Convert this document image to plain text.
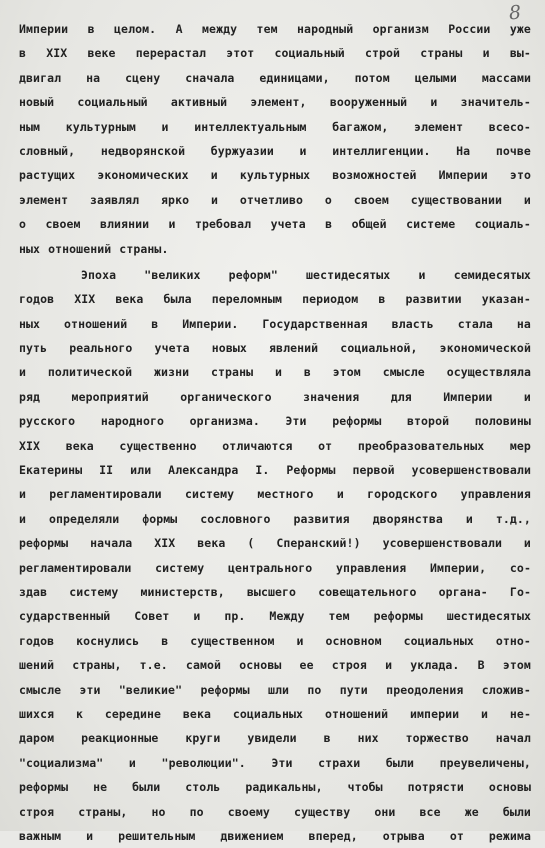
8
Империи в целом. А между тем народный организм России уже
в XIX веке перерастал этот социальный строй страны и вы-
двигал на сцену сначала единицами, потом целыми массами
новый социальный активный элемент, вооруженный и значитель-
ным культурным и интеллектуальным багажом, элемент всесо-
словный, недворянской буржуазии и интеллигенции. На почве
растущих экономических и культурных возможностей Империи это
элемент заявлял ярко и отчетливо о своем существовании и
о своем влиянии и требовал учета в общей системе социаль-
ных отношений страны.
Эпоха "великих реформ" шестидесятых и семидесятых
годов XIX века была переломным периодом в развитии указан-
ных отношений в Империи. Государственная власть стала на
путь реального учета новых явлений социальной, экономической
и политической жизни страны и в этом смысле осуществляла
ряд	мероприятий	органического	значения	для	Империи	и
русского народного организма. Эти реформы второй половины
XIX века существенно отличаются от преобразовательных мер
Екатерины II или Александра I. Реформы первой усовершенствовали
и регламентировали систему местного и городского управления
и определяли формы сословного развития дворянства и т.д.,
реформы начала XIX века ( Сперанский!) усовершенствовали и
регламентировали систему центрального управления Империи, со-
здав систему министерств, высшего совещательного органа- Го-
сударственный Совет и пр. Между тем реформы шестидесятых
годов коснулись в существенном и основном социальных отно-
шений страны, т.е. самой основы ее строя и уклада. В этом
смысле эти "великие" реформы шли по пути преодоления сложив-
шихся к середине века социальных отношений империи и не-
даром реакционные круги увидели в них торжество начал
"социализма" и "революции". Эти страхи были преувеличены,
реформы не были столь радикальны, чтобы потрясти основы
строя страны, но по своему существу они все же были
важным и решительным движением вперед, отрыва от режима
